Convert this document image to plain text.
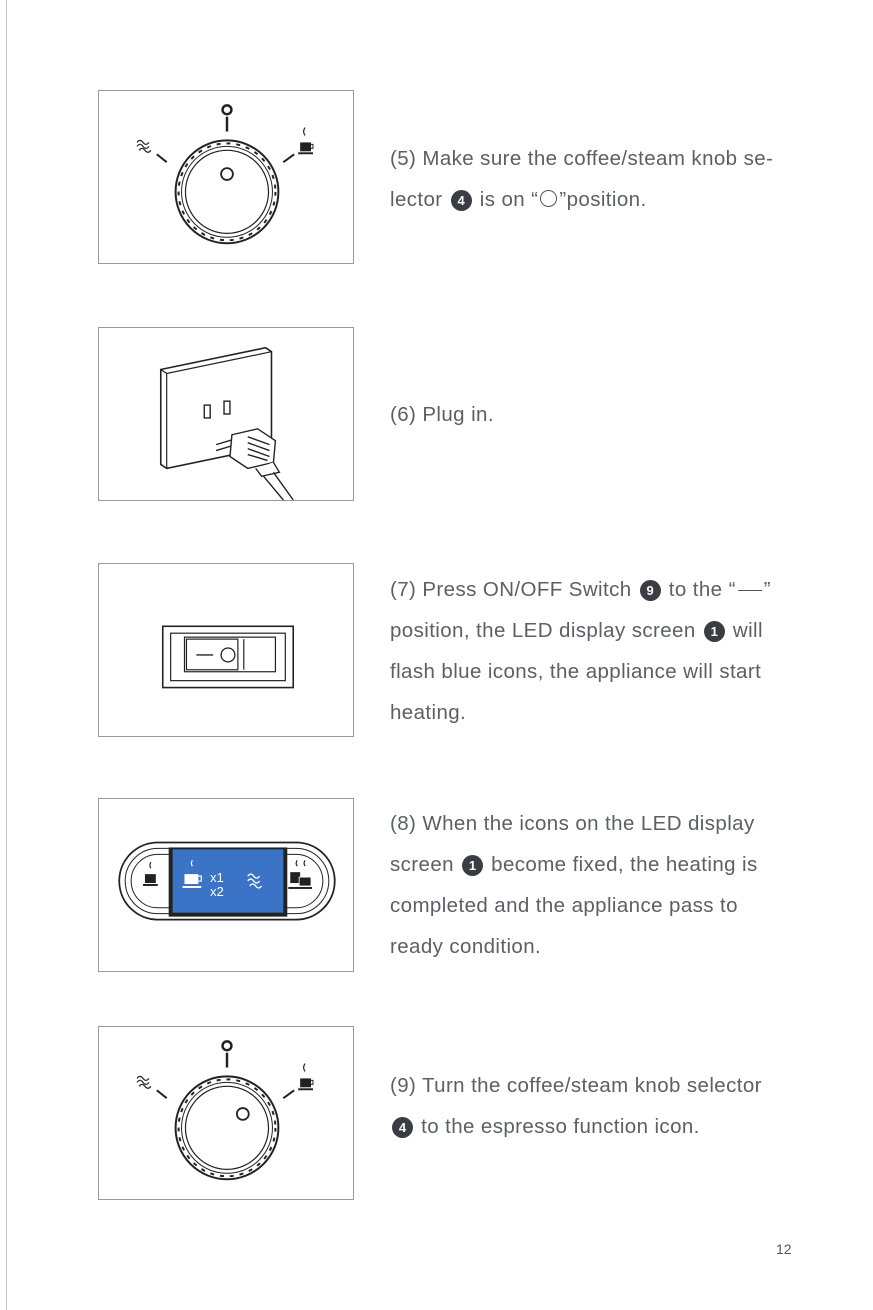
(5) Make sure the coffee/steam knob se-
lector 4 is on “ ”position.

(6) Plug in.

(7) Press ON/OFF Switch 9 to the “ ”
position, the LED display screen 1 will
flash blue icons, the appliance will start
heating.

x1
x2

(8) When the icons on the LED display
screen 1 become fixed, the heating is
completed and the appliance pass to
ready condition.

(9) Turn the coffee/steam knob selector
4 to the espresso function icon.

12
